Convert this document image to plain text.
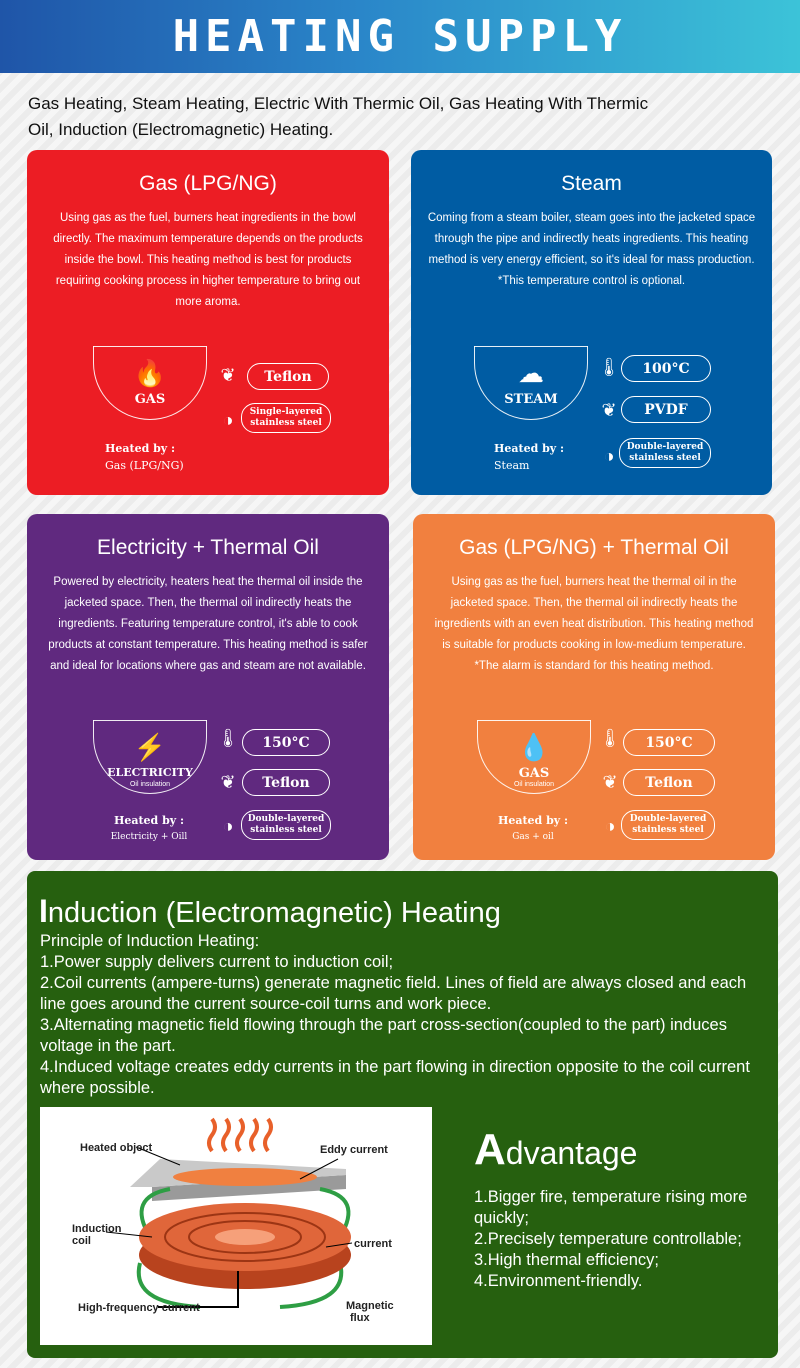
HEATING SUPPLY
Gas Heating, Steam Heating, Electric With Thermic Oil, Gas Heating With Thermic Oil, Induction (Electromagnetic) Heating.
Gas (LPG/NG)
Using gas as the fuel, burners heat ingredients in the bowl directly. The maximum temperature depends on the products inside the bowl. This heating method is best for products requiring cooking process in higher temperature to bring out more aroma.
🔥
GAS
Heated by :
Gas (LPG/NG)
❦	Teflon
◑	Single-layered stainless steel
Steam
Coming from a steam boiler, steam goes into the jacketed space through the pipe and indirectly heats ingredients. This heating method is very energy efficient, so it's ideal for mass production. *This temperature control is optional.
☁
STEAM
Heated by :
Steam
🌡	100°C
❦	PVDF
◑	Double-layered stainless steel
Electricity + Thermal Oil
Powered by electricity, heaters heat the thermal oil inside the jacketed space. Then, the thermal oil indirectly heats the ingredients. Featuring temperature control, it's able to cook products at constant temperature. This heating method is safer and ideal for locations where gas and steam are not available.
⚡
ELECTRICITY
Oil insulation
Heated by :
Electricity + Oill
🌡	150°C
❦	Teflon
◑	Double-layered stainless steel
Gas (LPG/NG) + Thermal Oil
Using gas as the fuel, burners heat the thermal oil in the jacketed space. Then, the thermal oil indirectly heats the ingredients with an even heat distribution. This heating method is suitable for products cooking in low-medium temperature. *The alarm is standard for this heating method.
💧
GAS
Oil insulation
Heated by :
Gas + oil
🌡	150°C
❦	Teflon
◑	Double-layered stainless steel
Induction (Electromagnetic) Heating
Principle of Induction Heating:
1.Power supply delivers current to induction coil;
2.Coil currents (ampere-turns) generate magnetic field. Lines of field are always closed and each line goes around the current source-coil turns and work piece.
3.Alternating magnetic field flowing through the part cross-section(coupled to the part) induces voltage in the part.
4.Induced voltage creates eddy currents in the part flowing in direction opposite to the coil current where possible.
Heated object	Eddy current
Induction
coil	current
High-frequency current	Magnetic
flux
Advantage
1.Bigger fire, temperature rising more quickly;
2.Precisely temperature controllable;
3.High thermal efficiency;
4.Environment-friendly.
